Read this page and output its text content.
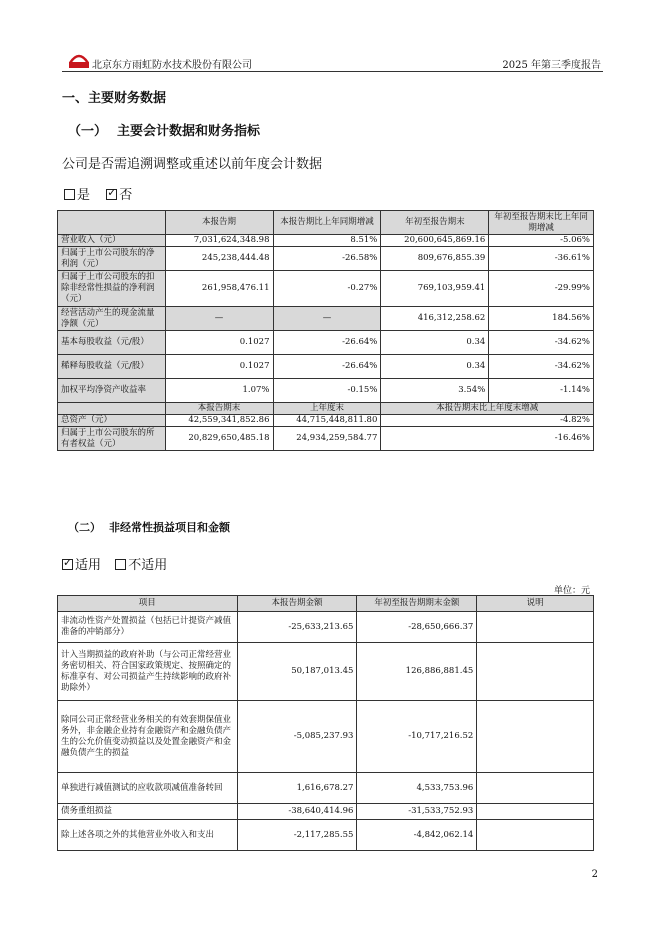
北京东方雨虹防水技术股份有限公司	2025 年第三季度报告
一、主要财务数据
（一） 主要会计数据和财务指标
公司是否需追溯调整或重述以前年度会计数据
是 ✓ 否
	本报告期	本报告期比上年同期增减	年初至报告期末	年初至报告期末比上年同期增减
营业收入（元）	7,031,624,348.98	8.51%	20,600,645,869.16	-5.06%
归属于上市公司股东的净利润（元）	245,238,444.48	-26.58%	809,676,855.39	-36.61%
归属于上市公司股东的扣除非经常性损益的净利润（元）	261,958,476.11	-0.27%	769,103,959.41	-29.99%
经营活动产生的现金流量净额（元）	—	—	416,312,258.62	184.56%
基本每股收益（元/股）	0.1027	-26.64%	0.34	-34.62%
稀释每股收益（元/股）	0.1027	-26.64%	0.34	-34.62%
加权平均净资产收益率	1.07%	-0.15%	3.54%	-1.14%
	本报告期末	上年度末	本报告期末比上年度末增减	
总资产（元）	42,559,341,852.86	44,715,448,811.80	-4.82%	
归属于上市公司股东的所有者权益（元）	20,829,650,485.18	24,934,259,584.77	-16.46%	
（二） 非经常性损益项目和金额
✓适用 不适用
单位：元
项目	本报告期金额	年初至报告期期末金额	说明
非流动性资产处置损益（包括已计提资产减值准备的冲销部分）	-25,633,213.65	-28,650,666.37	
计入当期损益的政府补助（与公司正常经营业务密切相关、符合国家政策规定、按照确定的标准享有、对公司损益产生持续影响的政府补助除外）	50,187,013.45	126,886,881.45	
除同公司正常经营业务相关的有效套期保值业务外，非金融企业持有金融资产和金融负债产生的公允价值变动损益以及处置金融资产和金融负债产生的损益	-5,085,237.93	-10,717,216.52	
单独进行减值测试的应收款项减值准备转回	1,616,678.27	4,533,753.96	
债务重组损益	-38,640,414.96	-31,533,752.93	
除上述各项之外的其他营业外收入和支出	-2,117,285.55	-4,842,062.14	
2
